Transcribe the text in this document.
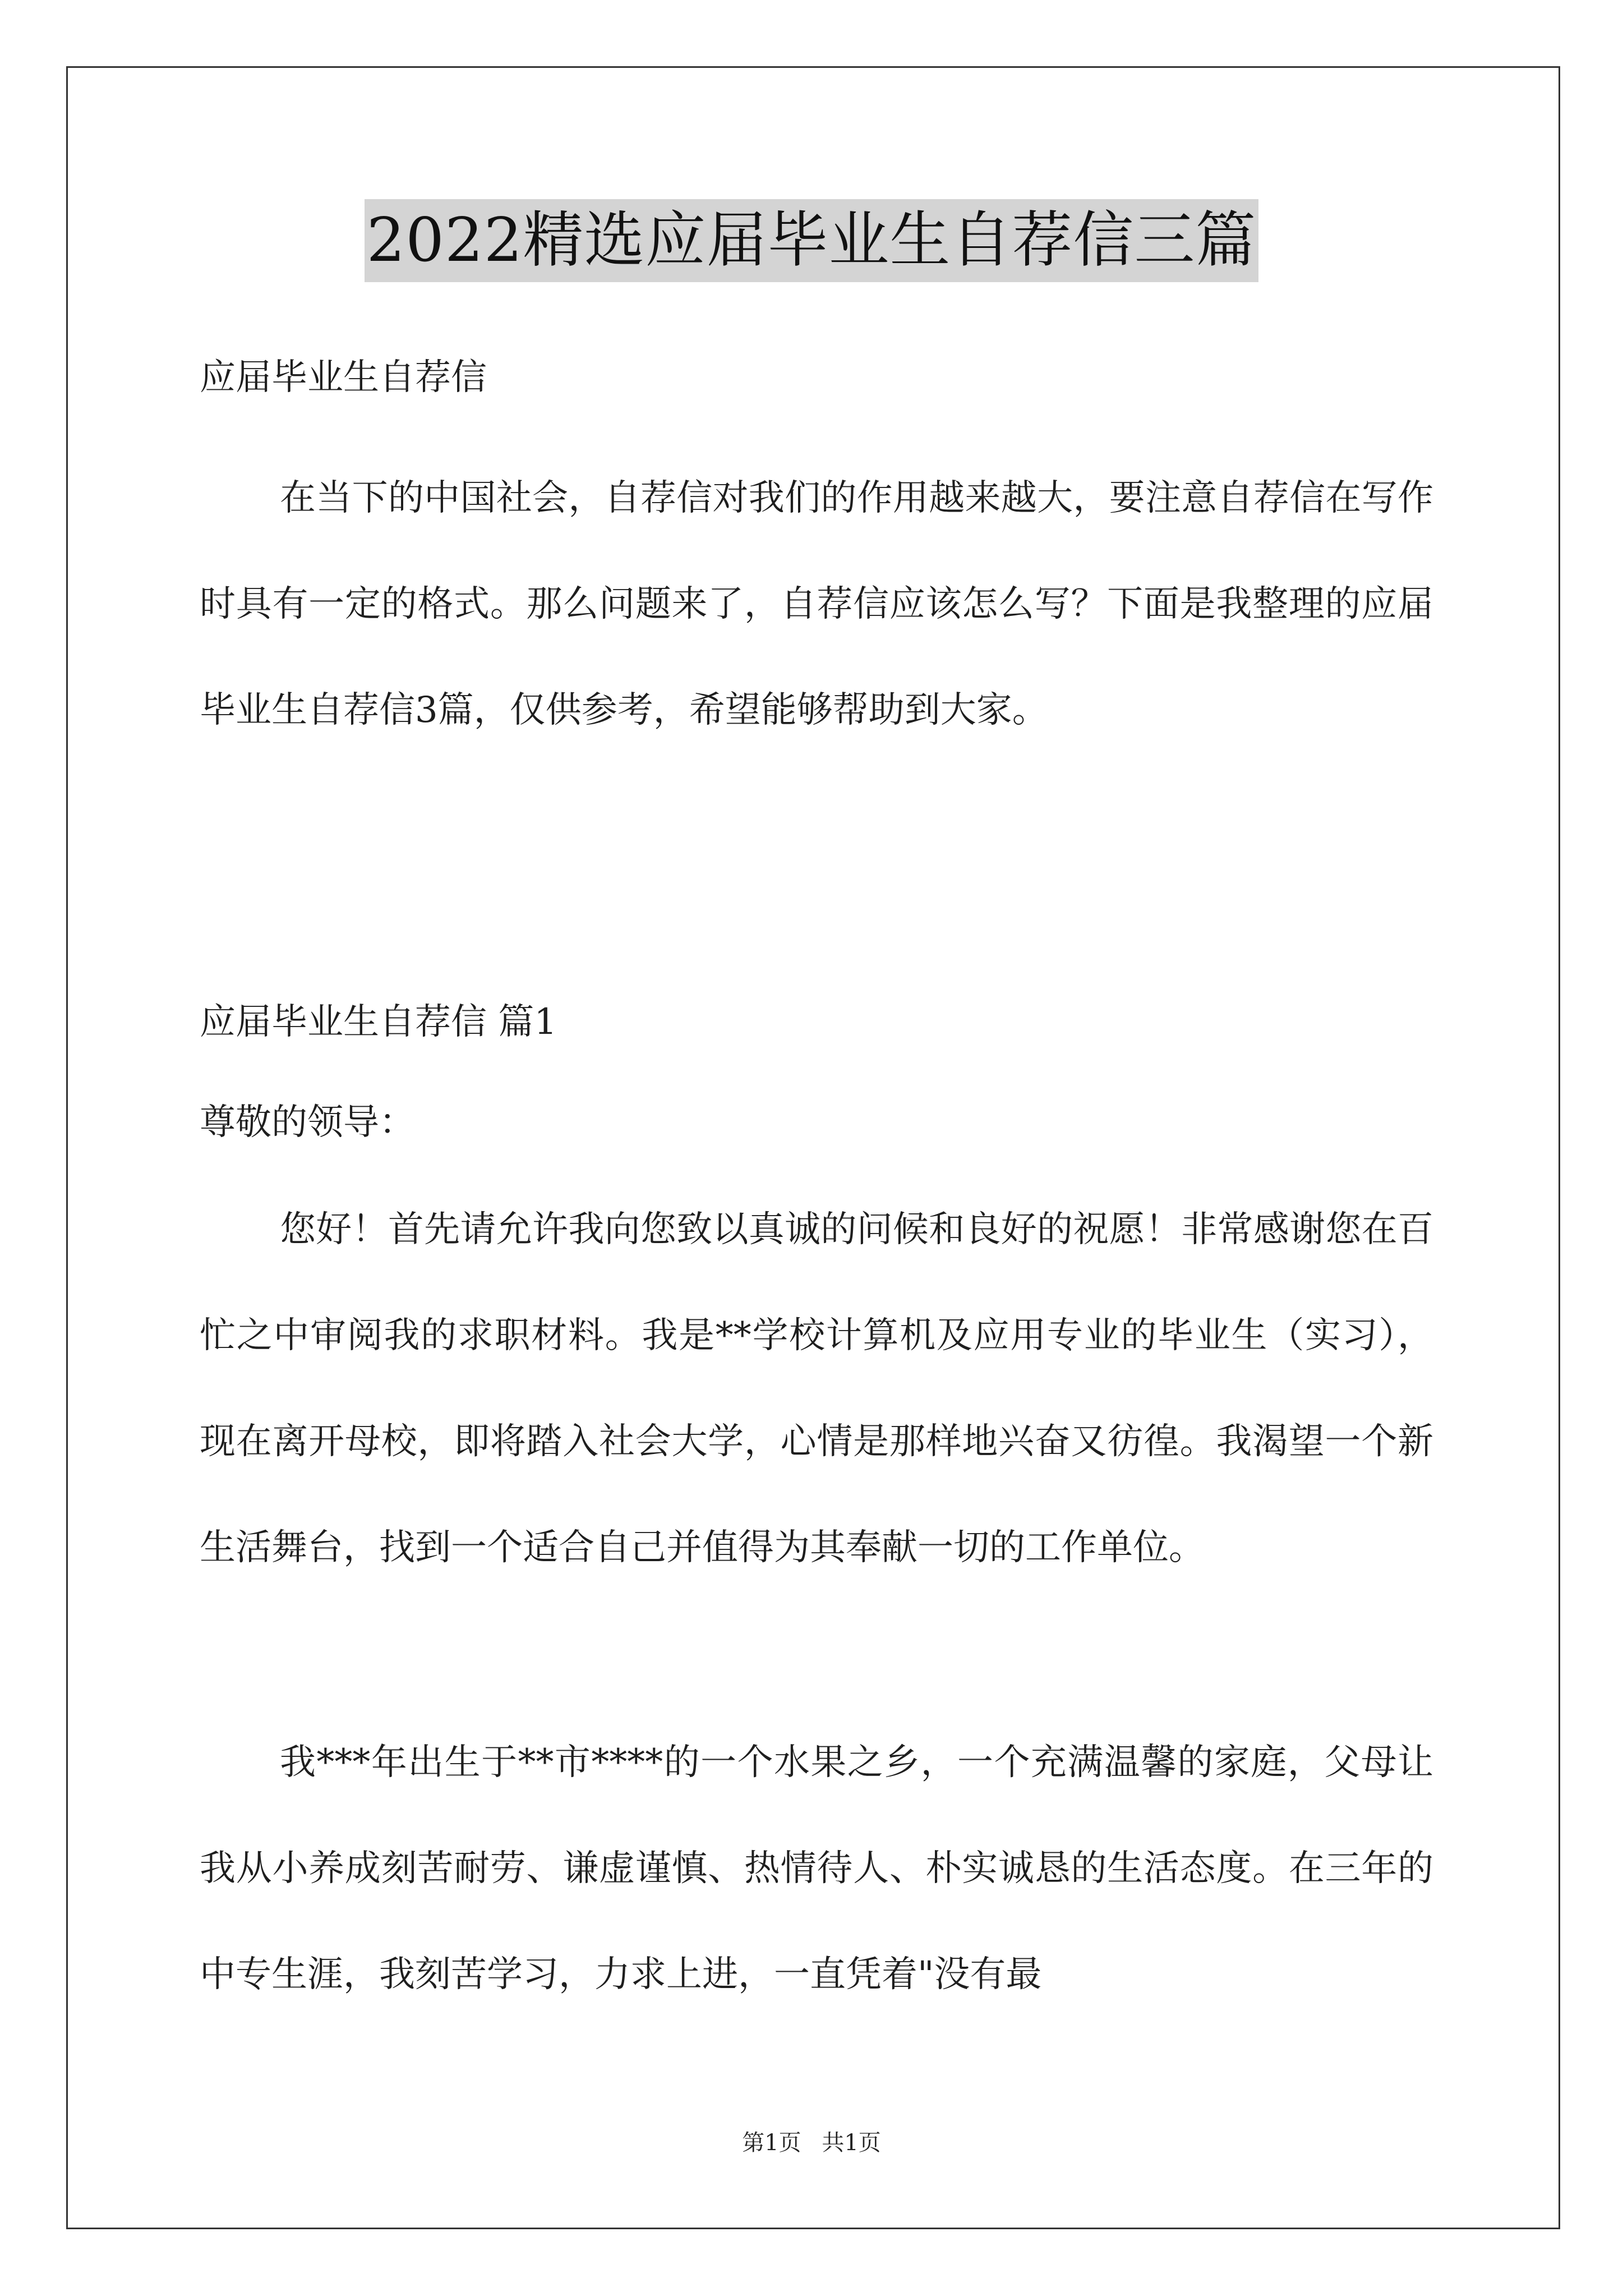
2022精选应届毕业生自荐信三篇
应届毕业生自荐信
在当下的中国社会，自荐信对我们的作用越来越大，要注意自荐信在写作时具有一定的格式。那么问题来了，自荐信应该怎么写？下面是我整理的应届毕业生自荐信3篇，仅供参考，希望能够帮助到大家。
应届毕业生自荐信 篇1
尊敬的领导：
您好！首先请允许我向您致以真诚的问候和良好的祝愿！非常感谢您在百忙之中审阅我的求职材料。我是**学校计算机及应用专业的毕业生（实习），现在离开母校，即将踏入社会大学，心情是那样地兴奋又彷徨。我渴望一个新生活舞台，找到一个适合自己并值得为其奉献一切的工作单位。
我***年出生于**市****的一个水果之乡，一个充满温馨的家庭，父母让我从小养成刻苦耐劳、谦虚谨慎、热情待人、朴实诚恳的生活态度。在三年的中专生涯，我刻苦学习，力求上进，一直凭着"没有最
第1页 共1页
